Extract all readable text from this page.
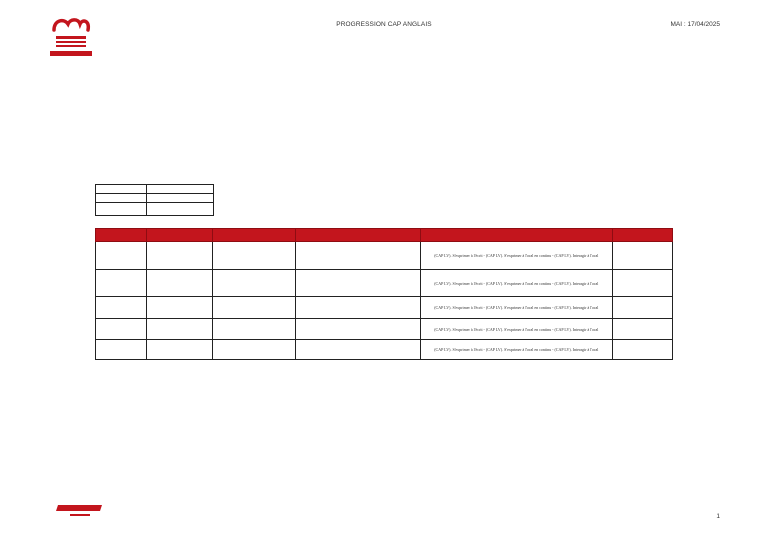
PROGRESSION CAP ANGLAIS	MAI : 17/04/2025

				(CAP LV). S'exprimer à l'écrit - (CAP LV). S'exprimer à l'oral en continu - (CAP LV). Interagir à l'oral	
				(CAP LV). S'exprimer à l'écrit - (CAP LV). S'exprimer à l'oral en continu - (CAP LV). Interagir à l'oral	
				(CAP LV). S'exprimer à l'écrit - (CAP LV). S'exprimer à l'oral en continu - (CAP LV). Interagir à l'oral	
				(CAP LV). S'exprimer à l'écrit - (CAP LV). S'exprimer à l'oral en continu - (CAP LV). Interagir à l'oral	
				(CAP LV). S'exprimer à l'écrit - (CAP LV). S'exprimer à l'oral en continu - (CAP LV). Interagir à l'oral	
1
